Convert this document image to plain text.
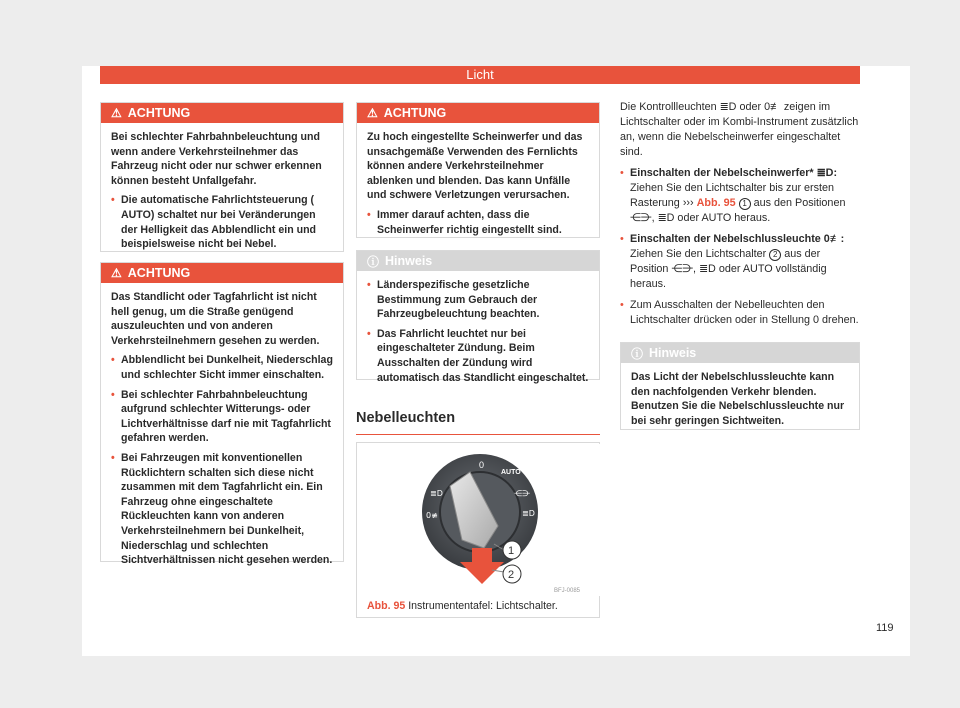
Licht
⚠ ACHTUNG

Bei schlechter Fahrbahnbeleuchtung und wenn andere Verkehrsteilnehmer das Fahrzeug nicht oder nur schwer erkennen können besteht Unfallgefahr.

• Die automatische Fahrlichtsteuerung ( AUTO) schaltet nur bei Veränderungen der Helligkeit das Abblendlicht ein und beispielsweise nicht bei Nebel.
⚠ ACHTUNG

Das Standlicht oder Tagfahrlicht ist nicht hell genug, um die Straße genügend auszuleuchten und von anderen Verkehrsteilnehmern gesehen zu werden.

• Abblendlicht bei Dunkelheit, Niederschlag und schlechter Sicht immer einschalten.
• Bei schlechter Fahrbahnbeleuchtung aufgrund schlechter Witterungs- oder Lichtverhältnisse darf nie mit Tagfahrlicht gefahren werden.
• Bei Fahrzeugen mit konventionellen Rücklichtern schalten sich diese nicht zusammen mit dem Tagfahrlicht ein. Ein Fahrzeug ohne eingeschaltete Rückleuchten kann von anderen Verkehrsteilnehmern bei Dunkelheit, Niederschlag und schlechten Sichtverhältnissen nicht gesehen werden.
⚠ ACHTUNG

Zu hoch eingestellte Scheinwerfer und das unsachgemäße Verwenden des Fernlichts können andere Verkehrsteilnehmer ablenken und blenden. Das kann Unfälle und schwere Verletzungen verursachen.

• Immer darauf achten, dass die Scheinwerfer richtig eingestellt sind.
ⓘ Hinweis
• Länderspezifische gesetzliche Bestimmung zum Gebrauch der Fahrzeugbeleuchtung beachten.
• Das Fahrlicht leuchtet nur bei eingeschalteter Zündung. Beim Ausschalten der Zündung wird automatisch das Standlicht eingeschaltet.
Nebelleuchten
0
AUTO
⋲⋺
≣D
≣D
0≢
1
2
BFJ-0085
Abb. 95 Instrumententafel: Lichtschalter.

Die Kontrollleuchten ≣D oder 0≢ zeigen im Lichtschalter oder im Kombi-Instrument zusätzlich an, wenn die Nebelscheinwerfer eingeschaltet sind.

• Einschalten der Nebelscheinwerfer* ≣D: Ziehen Sie den Lichtschalter bis zur ersten Rasterung ››› Abb. 95 1 aus den Positionen ⋲⋺, ≣D oder AUTO heraus.
• Einschalten der Nebelschlussleuchte 0≢: Ziehen Sie den Lichtschalter 2 aus der Position ⋲⋺, ≣D oder AUTO vollständig heraus.
• Zum Ausschalten der Nebelleuchten den Lichtschalter drücken oder in Stellung 0 drehen.
ⓘ Hinweis

Das Licht der Nebelschlussleuchte kann den nachfolgenden Verkehr blenden. Benutzen Sie die Nebelschlussleuchte nur bei sehr geringen Sichtweiten.

119
